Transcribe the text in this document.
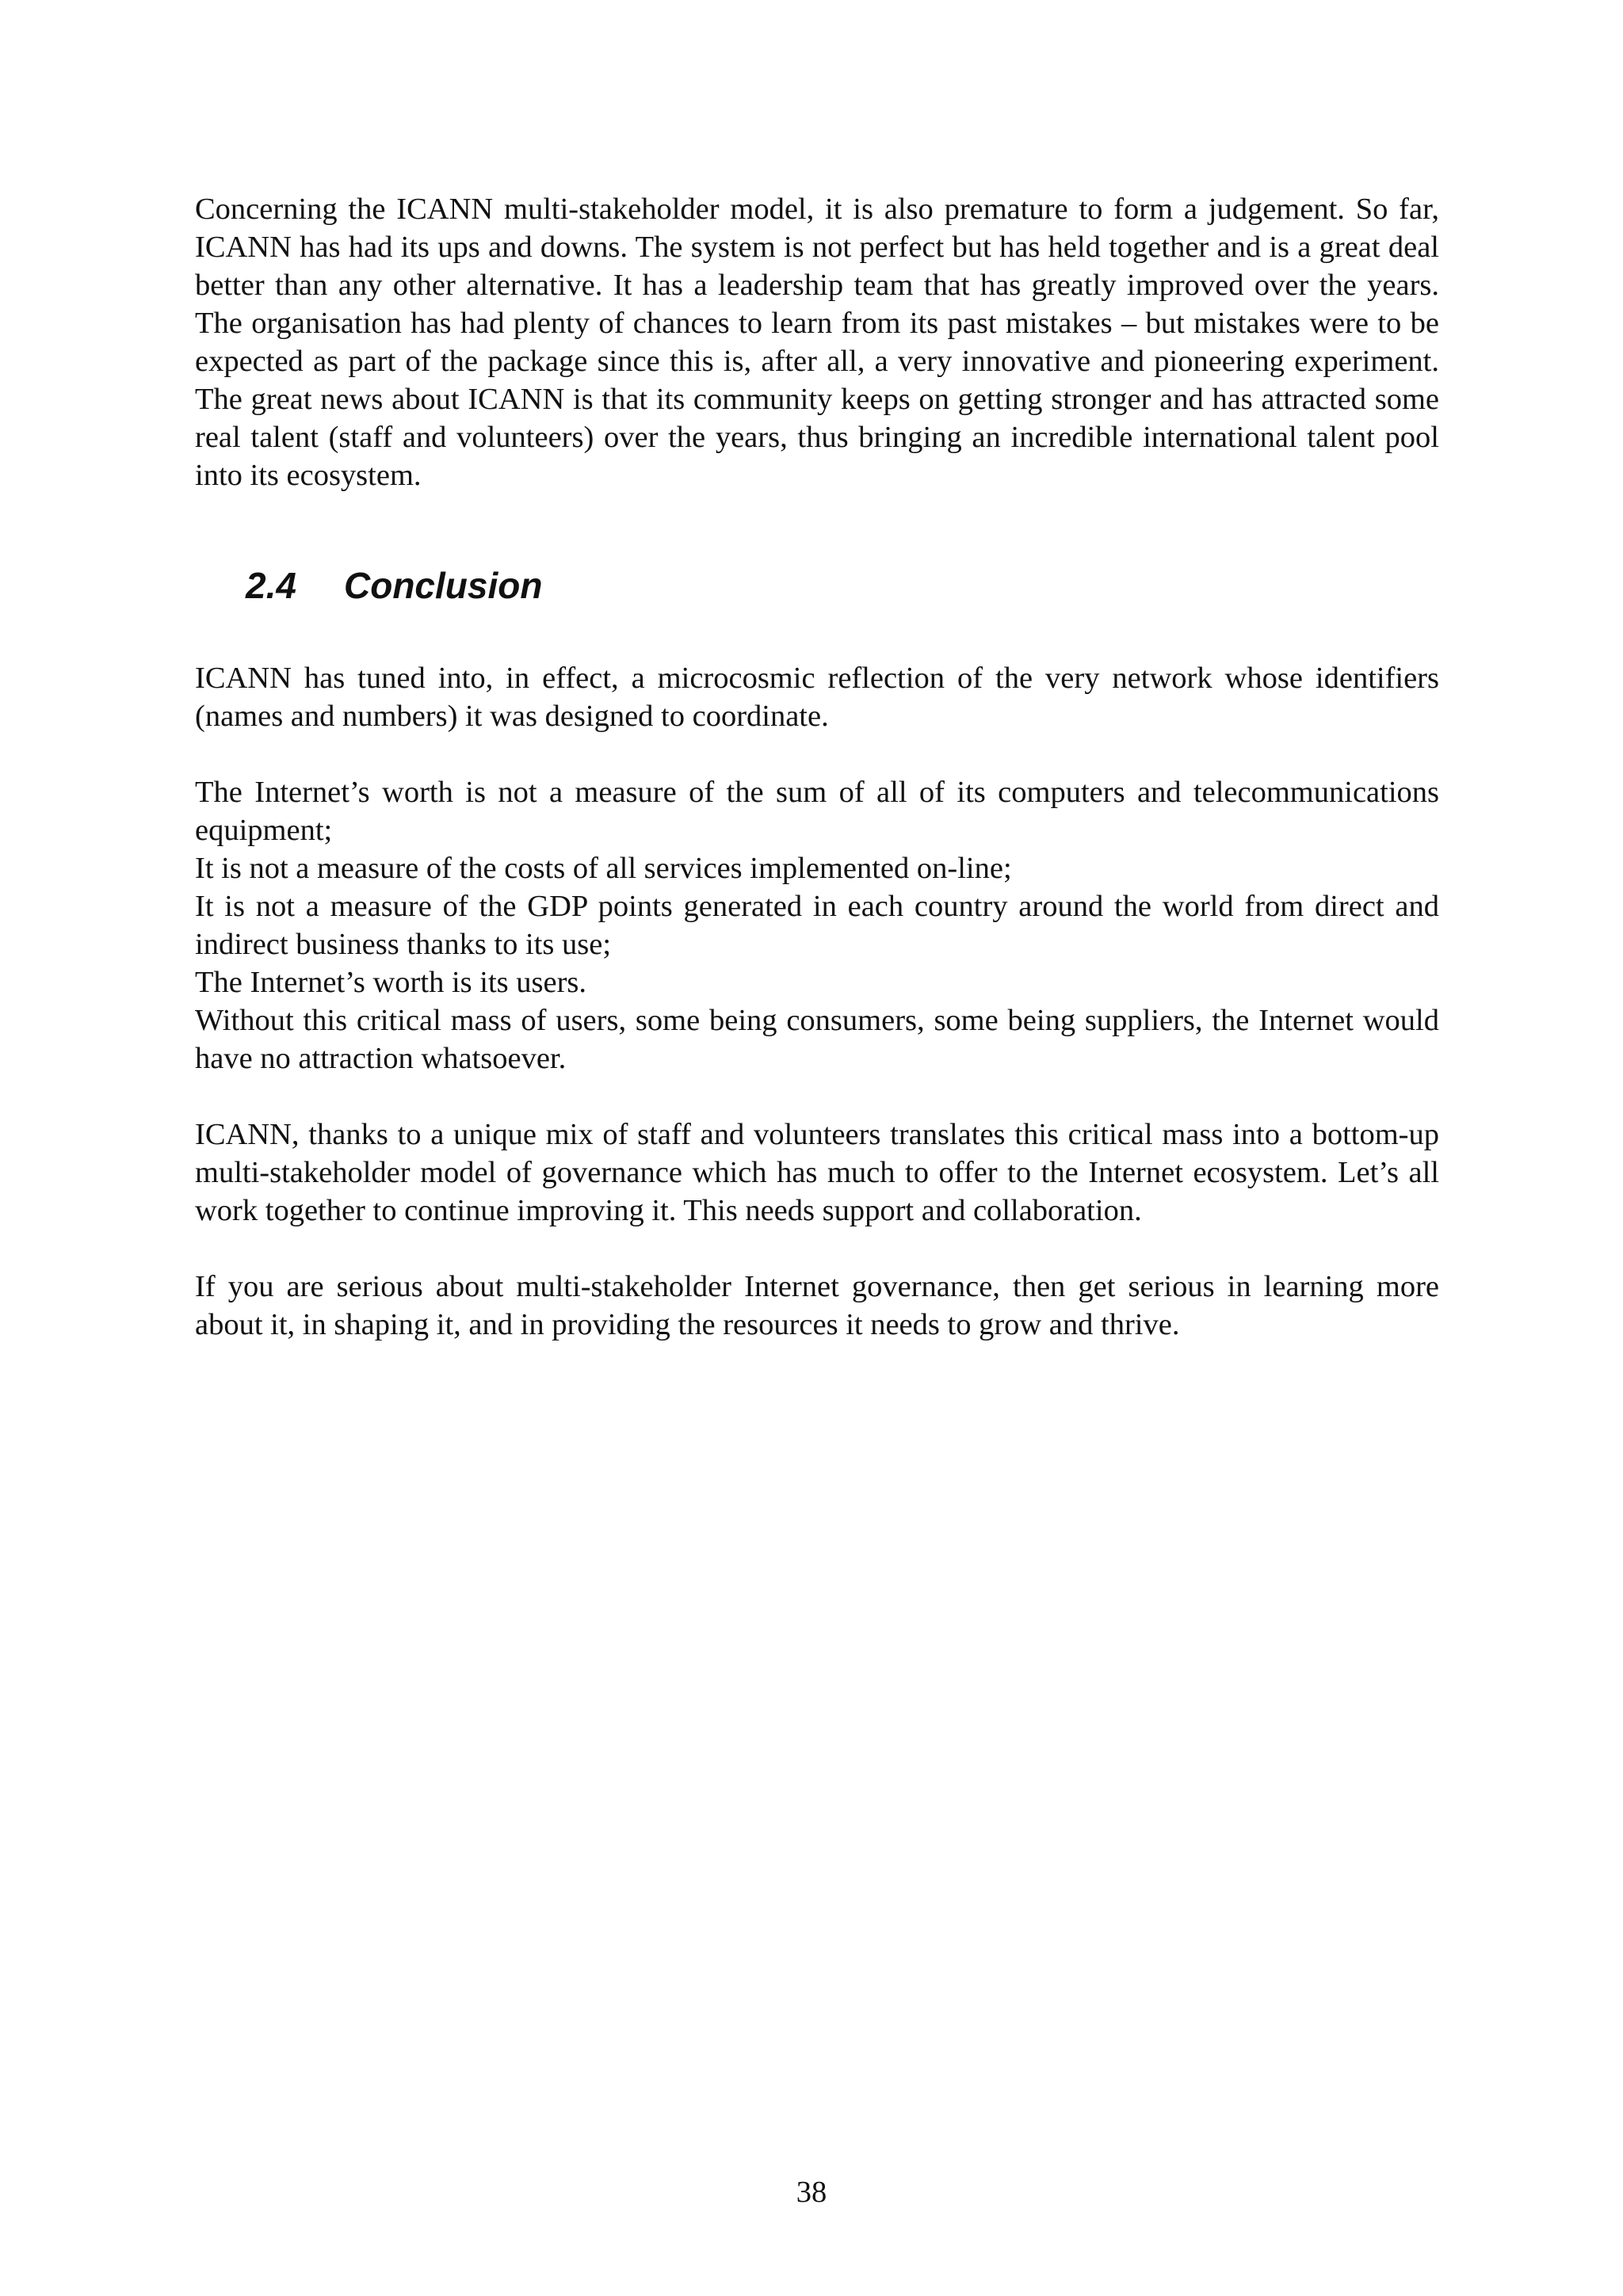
Concerning the ICANN multi-stakeholder model, it is also premature to form a judgement. So far, ICANN has had its ups and downs. The system is not perfect but has held together and is a great deal better than any other alternative. It has a leadership team that has greatly improved over the years. The organisation has had plenty of chances to learn from its past mistakes – but mistakes were to be expected as part of the package since this is, after all, a very innovative and pioneering experiment. The great news about ICANN is that its community keeps on getting stronger and has attracted some real talent (staff and volunteers) over the years, thus bringing an incredible international talent pool into its ecosystem.

2.4 Conclusion

ICANN has tuned into, in effect, a microcosmic reflection of the very network whose identifiers (names and numbers) it was designed to coordinate.

The Internet’s worth is not a measure of the sum of all of its computers and telecommunications equipment;

It is not a measure of the costs of all services implemented on-line;

It is not a measure of the GDP points generated in each country around the world from direct and indirect business thanks to its use;

The Internet’s worth is its users.

Without this critical mass of users, some being consumers, some being suppliers, the Internet would have no attraction whatsoever.

ICANN, thanks to a unique mix of staff and volunteers translates this critical mass into a bottom-up multi-stakeholder model of governance which has much to offer to the Internet ecosystem. Let’s all work together to continue improving it. This needs support and collaboration.

If you are serious about multi-stakeholder Internet governance, then get serious in learning more about it, in shaping it, and in providing the resources it needs to grow and thrive.

38
